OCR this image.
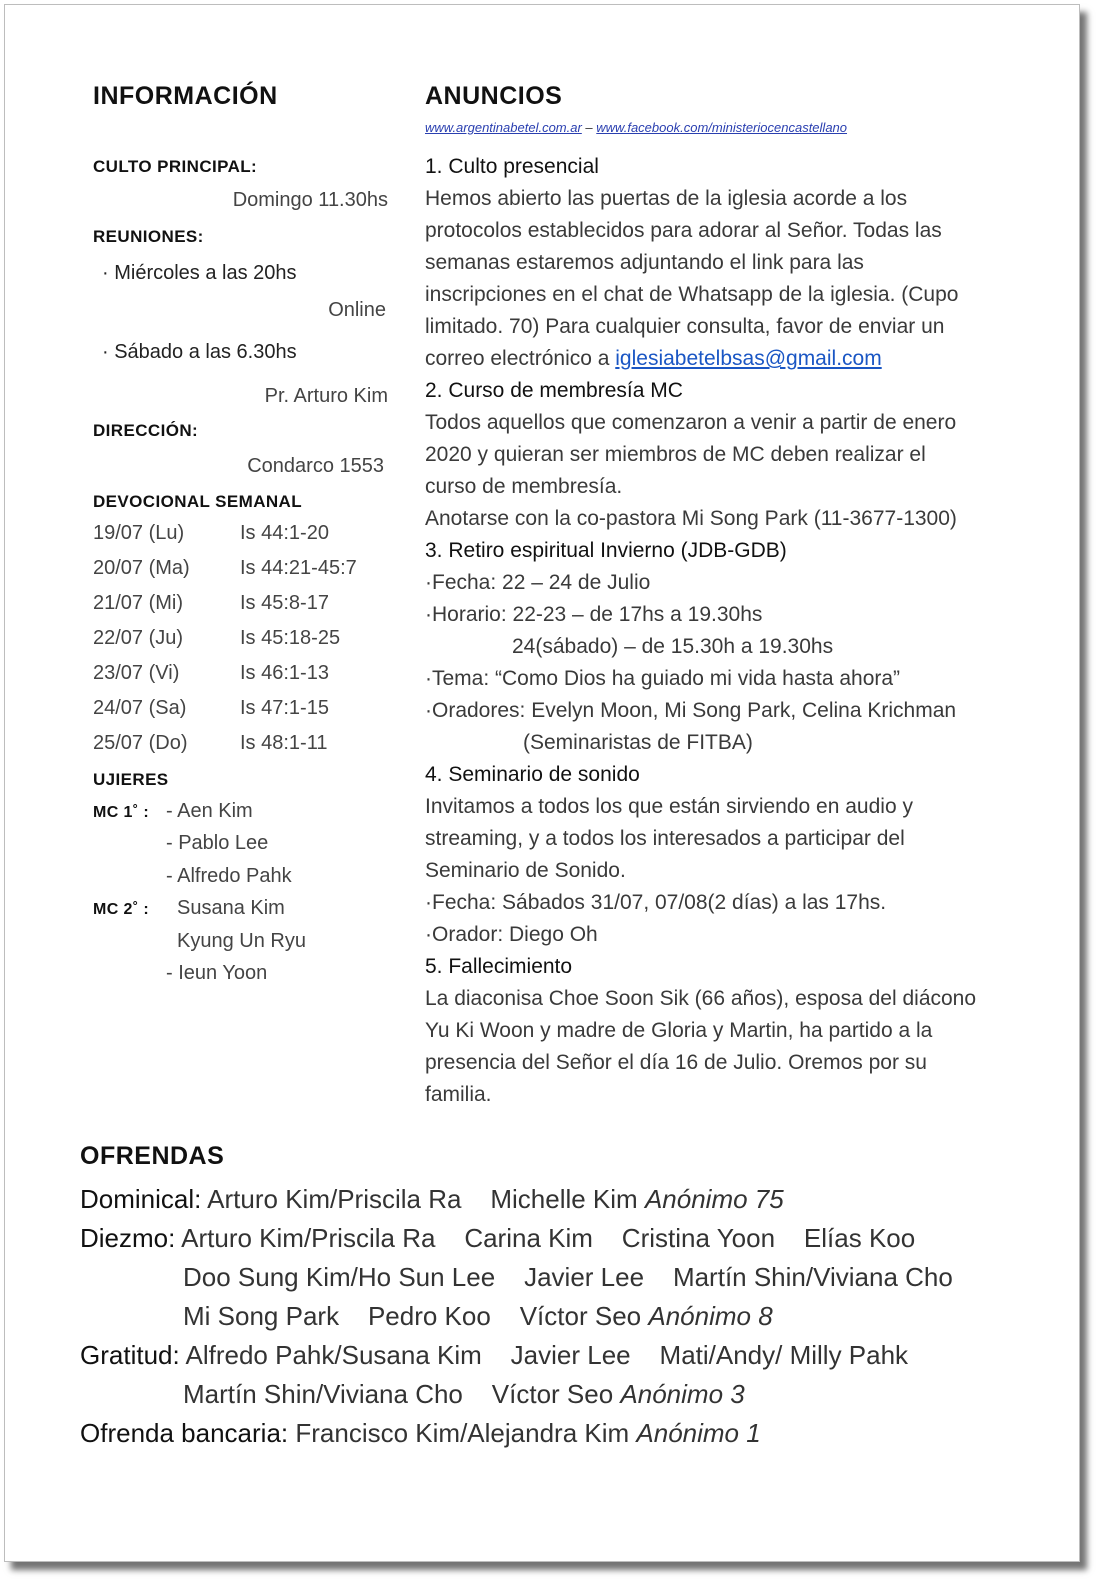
INFORMACIÓN
CULTO PRINCIPAL:
Domingo 11.30hs
REUNIONES:
· Miércoles a las 20hs
Online
· Sábado a las 6.30hs
Pr. Arturo Kim
DIRECCIÓN:
Condarco 1553
DEVOCIONAL SEMANAL
19/07 (Lu)	Is 44:1-20
20/07 (Ma)	Is 44:21-45:7
21/07 (Mi)	Is 45:8-17
22/07 (Ju)	Is 45:18-25
23/07 (Vi)	Is 46:1-13
24/07 (Sa)	Is 47:1-15
25/07 (Do)	Is 48:1-11
UJIERES
MC 1˚ : - Aen Kim
- Pablo Lee
- Alfredo Pahk
MC 2˚ : Susana Kim
Kyung Un Ryu
- Ieun Yoon
ANUNCIOS
www.argentinabetel.com.ar – www.facebook.com/ministeriocencastellano
1. Culto presencial
Hemos abierto las puertas de la iglesia acorde a los
protocolos establecidos para adorar al Señor. Todas las
semanas estaremos adjuntando el link para las
inscripciones en el chat de Whatsapp de la iglesia. (Cupo
limitado. 70) Para cualquier consulta, favor de enviar un
correo electrónico a iglesiabetelbsas@gmail.com
2. Curso de membresía MC
Todos aquellos que comenzaron a venir a partir de enero
2020 y quieran ser miembros de MC deben realizar el
curso de membresía.
Anotarse con la co-pastora Mi Song Park (11-3677-1300)
3. Retiro espiritual Invierno (JDB-GDB)
·Fecha: 22 – 24 de Julio
·Horario: 22-23 – de 17hs a 19.30hs
24(sábado) – de 15.30h a 19.30hs
·Tema: “Como Dios ha guiado mi vida hasta ahora”
·Oradores: Evelyn Moon, Mi Song Park, Celina Krichman
(Seminaristas de FITBA)
4. Seminario de sonido
Invitamos a todos los que están sirviendo en audio y
streaming, y a todos los interesados a participar del
Seminario de Sonido.
·Fecha: Sábados 31/07, 07/08(2 días) a las 17hs.
·Orador: Diego Oh
5. Fallecimiento
La diaconisa Choe Soon Sik (66 años), esposa del diácono
Yu Ki Woon y madre de Gloria y Martin, ha partido a la
presencia del Señor el día 16 de Julio. Oremos por su
familia.
OFRENDAS
Dominical: Arturo Kim/Priscila Ra    Michelle Kim Anónimo 75
Diezmo: Arturo Kim/Priscila Ra    Carina Kim    Cristina Yoon    Elías Koo
Doo Sung Kim/Ho Sun Lee    Javier Lee    Martín Shin/Viviana Cho
Mi Song Park    Pedro Koo    Víctor Seo Anónimo 8
Gratitud: Alfredo Pahk/Susana Kim    Javier Lee    Mati/Andy/ Milly Pahk
Martín Shin/Viviana Cho    Víctor Seo Anónimo 3
Ofrenda bancaria: Francisco Kim/Alejandra Kim Anónimo 1
